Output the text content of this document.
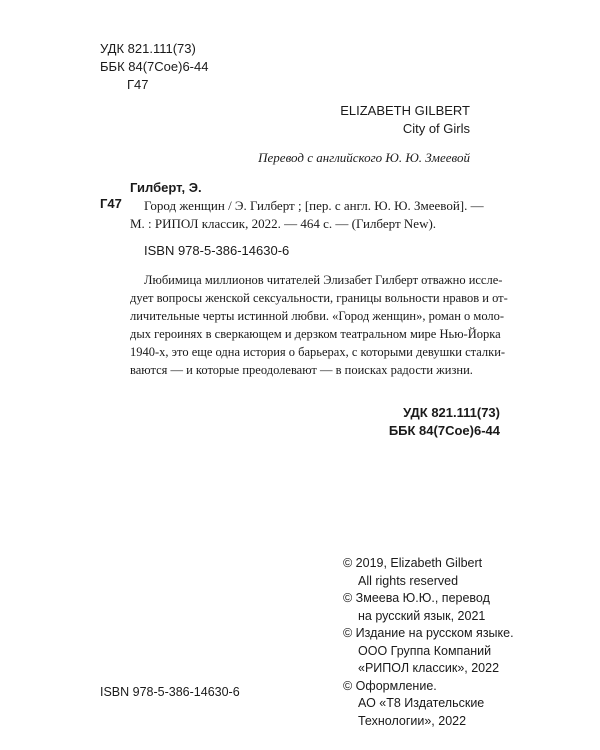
УДК 821.111(73)
ББК 84(7Сое)6-44
Г47
ELIZABETH GILBERT
City of Girls
Перевод с английского Ю. Ю. Змеевой
Г47
Гилберт, Э.
Город женщин / Э. Гилберт ; [пер. с англ. Ю. Ю. Змеевой]. —
М. : РИПОЛ классик, 2022. — 464 с. — (Гилберт New).
ISBN 978-5-386-14630-6
Любимица миллионов читателей Элизабет Гилберт отважно иссле-
дует вопросы женской сексуальности, границы вольности нравов и от-
личительные черты истинной любви. «Город женщин», роман о моло-
дых героинях в сверкающем и дерзком театральном мире Нью-Йорка
1940-х, это еще одна история о барьерах, с которыми девушки сталки-
ваются — и которые преодолевают — в поисках радости жизни.
УДК 821.111(73)
ББК 84(7Сое)6-44
© 2019, Elizabeth Gilbert
All rights reserved
© Змеева Ю.Ю., перевод
на русский язык, 2021
© Издание на русском языке.
ООО Группа Компаний
«РИПОЛ классик», 2022
© Оформление.
АО «Т8 Издательские
Технологии», 2022
ISBN 978-5-386-14630-6
